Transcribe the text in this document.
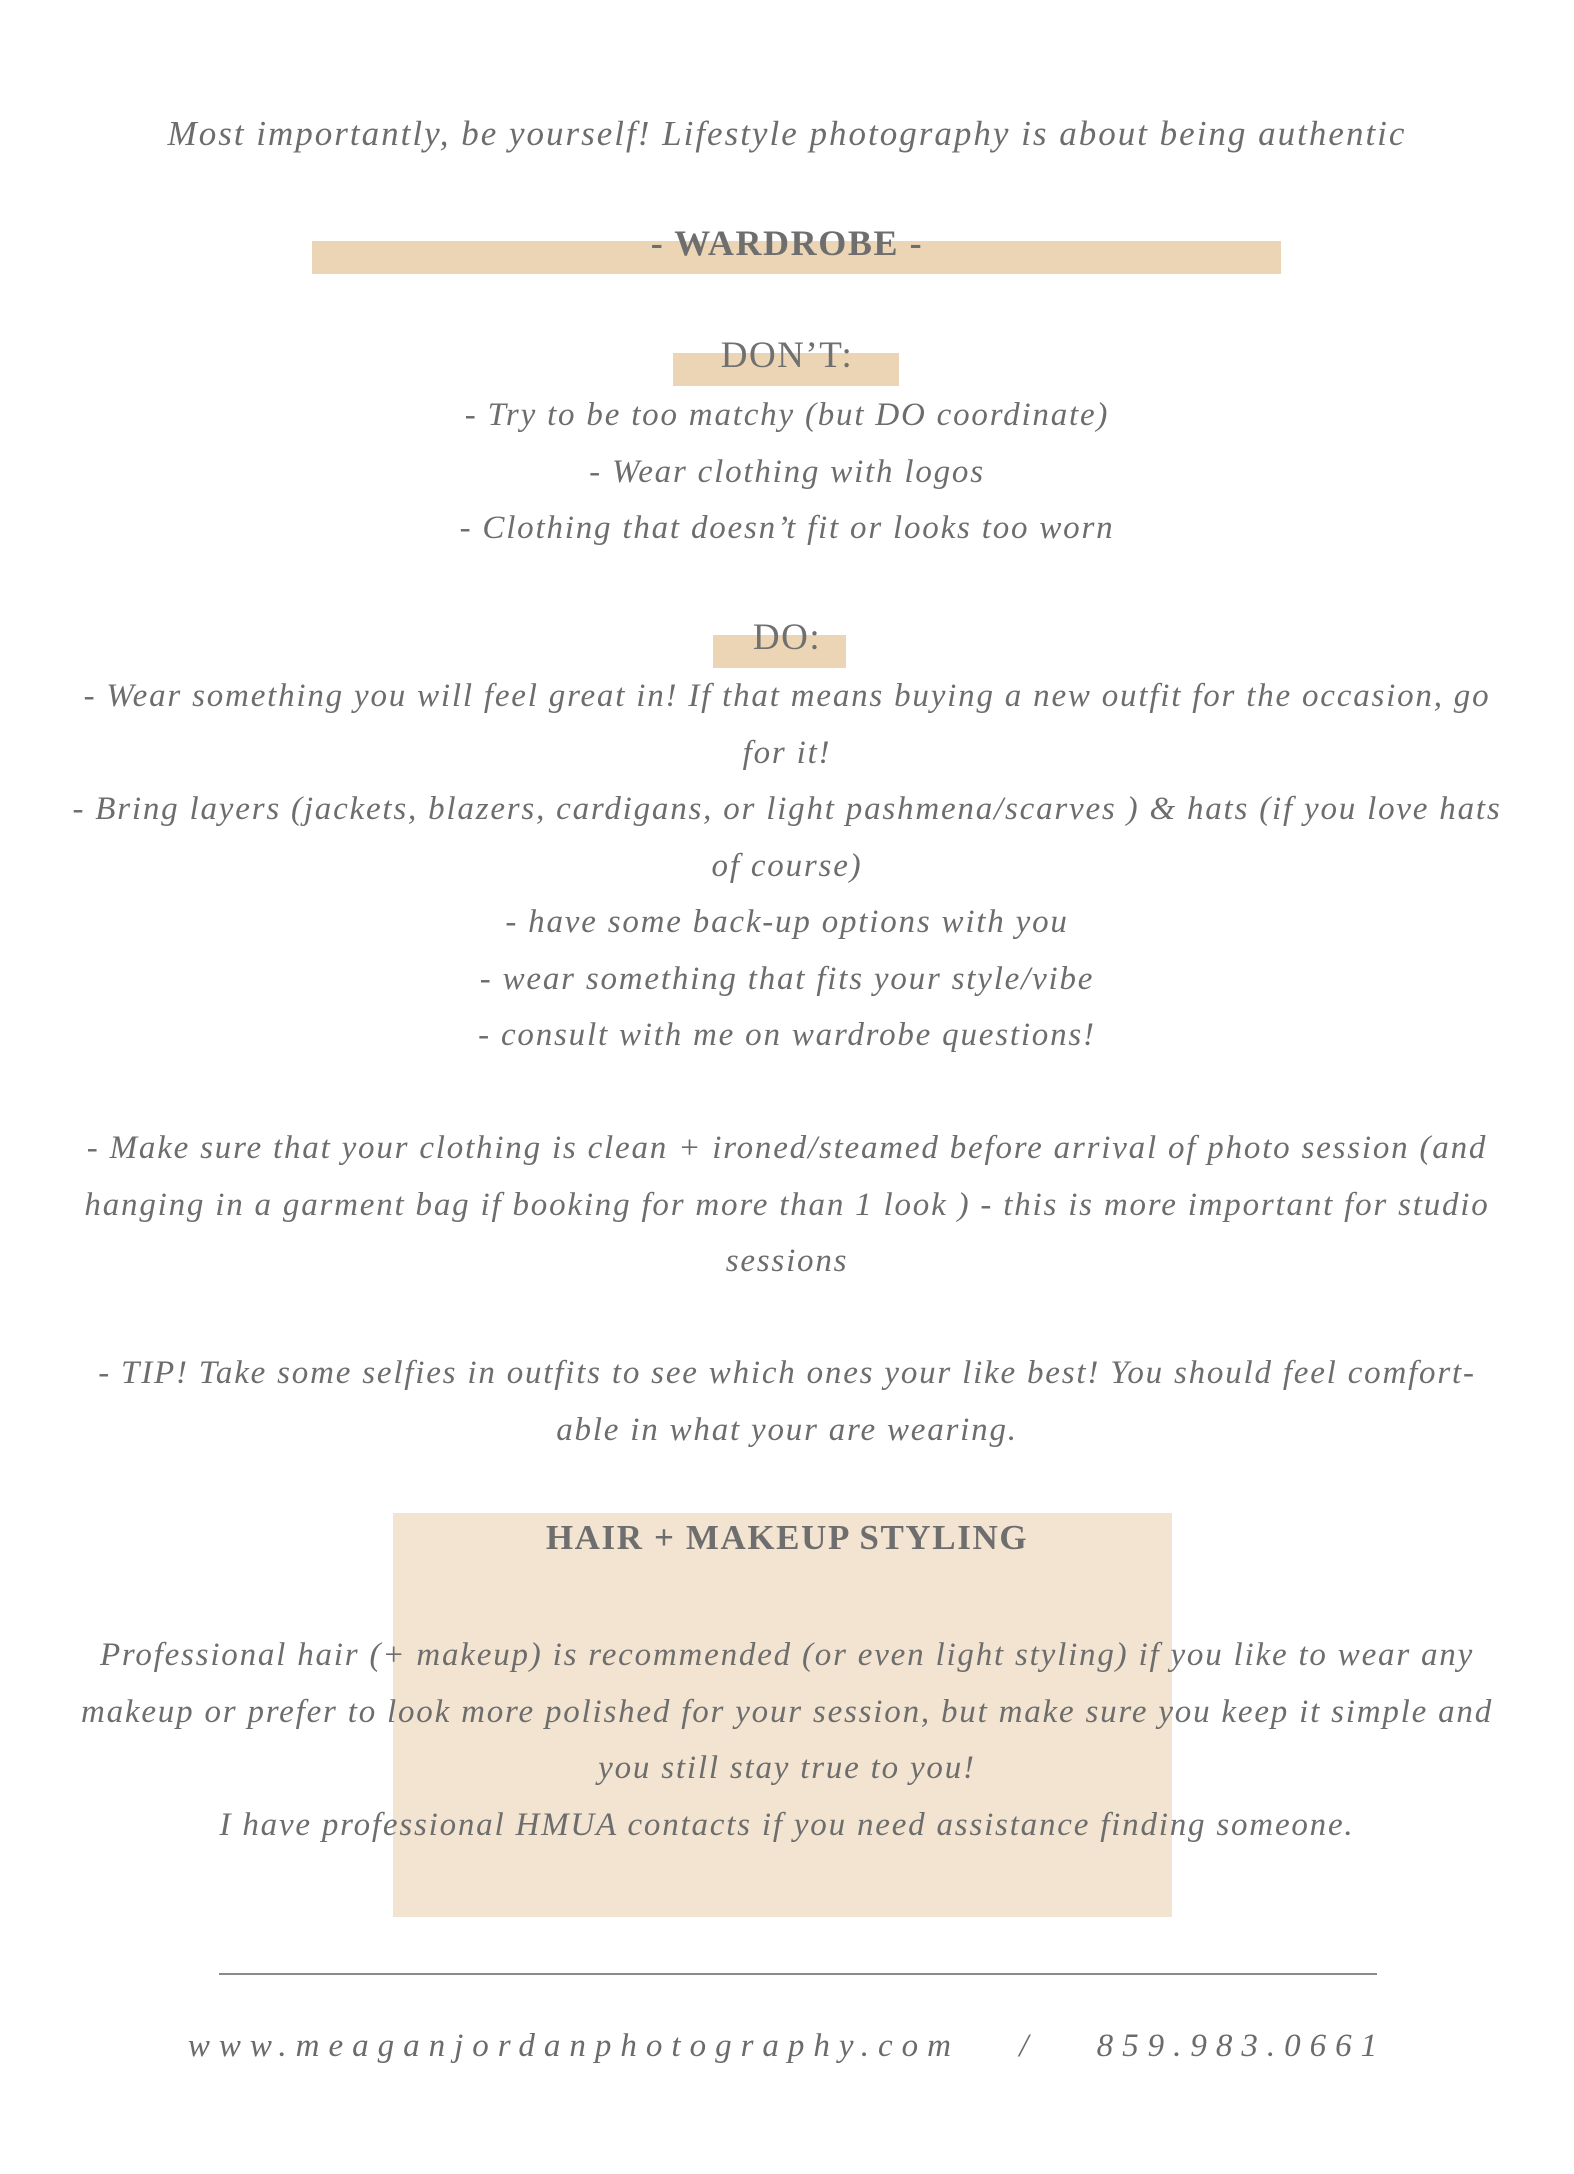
Most importantly, be yourself! Lifestyle photography is about being authentic
- WARDROBE -
DON’T:
- Try to be too matchy (but DO coordinate)
- Wear clothing with logos
- Clothing that doesn’t fit or looks too worn
DO:
- Wear something you will feel great in! If that means buying a new outfit for the occasion, go for it!
- Bring layers (jackets, blazers, cardigans, or light pashmena/scarves ) & hats (if you love hats of course)
- have some back-up options with you
- wear something that fits your style/vibe
- consult with me on wardrobe questions!
- Make sure that your clothing is clean + ironed/steamed before arrival of photo session (and hanging in a garment bag if booking for more than 1 look ) - this is more important for studio sessions
- TIP! Take some selfies in outfits to see which ones your like best! You should feel comfort-able in what your are wearing.
HAIR + MAKEUP STYLING
Professional hair (+ makeup) is recommended (or even light styling) if you like to wear any makeup or prefer to look more polished for your session, but make sure you keep it simple and you still stay true to you!
I have professional HMUA contacts if you need assistance finding someone.
www.meaganjordanphotography.com / 859.983.0661
